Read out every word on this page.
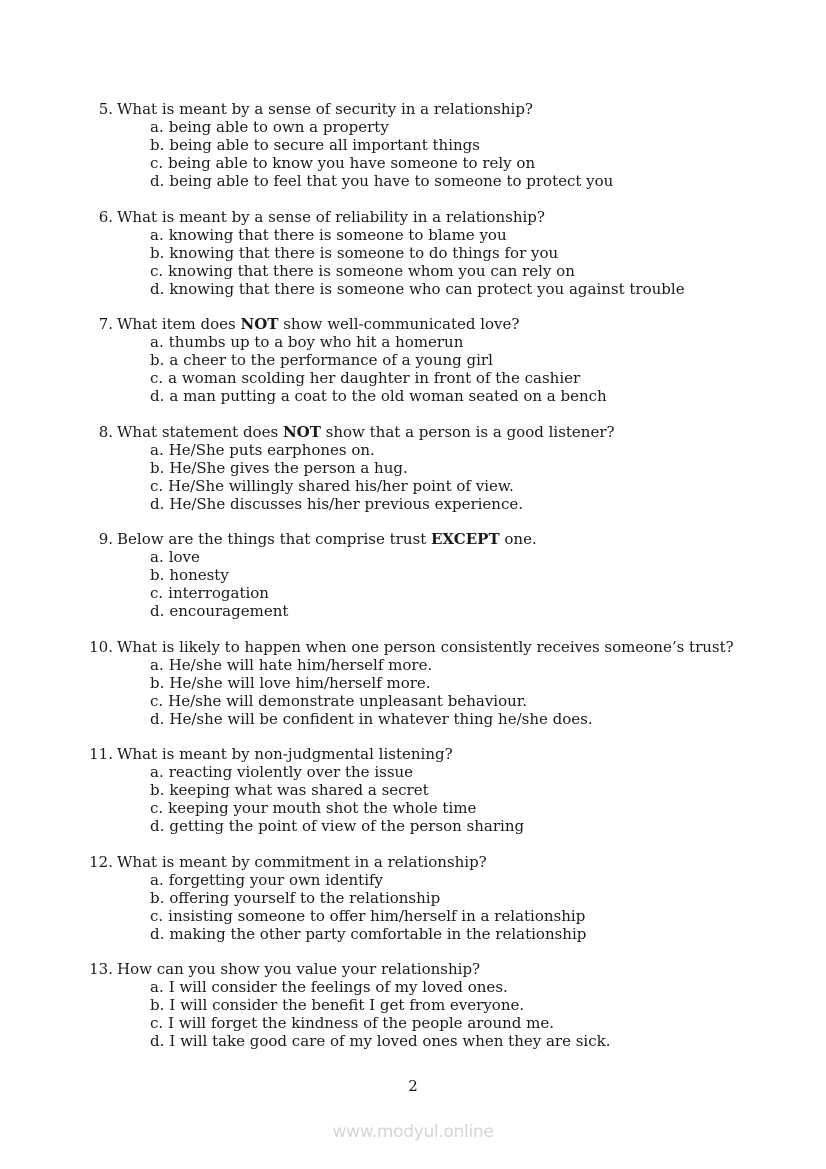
5. What is meant by a sense of security in a relationship?
a. being able to own a property
b. being able to secure all important things
c. being able to know you have someone to rely on
d. being able to feel that you have to someone to protect you
6. What is meant by a sense of reliability in a relationship?
a. knowing that there is someone to blame you
b. knowing that there is someone to do things for you
c. knowing that there is someone whom you can rely on
d. knowing that there is someone who can protect you against trouble
7. What item does NOT show well-communicated love?
a. thumbs up to a boy who hit a homerun
b. a cheer to the performance of a young girl
c. a woman scolding her daughter in front of the cashier
d. a man putting a coat to the old woman seated on a bench
8. What statement does NOT show that a person is a good listener?
a. He/She puts earphones on.
b. He/She gives the person a hug.
c. He/She willingly shared his/her point of view.
d. He/She discusses his/her previous experience.
9. Below are the things that comprise trust EXCEPT one.
a. love
b. honesty
c. interrogation
d. encouragement
10. What is likely to happen when one person consistently receives someone’s trust?
a. He/she will hate him/herself more.
b. He/she will love him/herself more.
c. He/she will demonstrate unpleasant behaviour.
d. He/she will be confident in whatever thing he/she does.
11. What is meant by non-judgmental listening?
a. reacting violently over the issue
b. keeping what was shared a secret
c. keeping your mouth shot the whole time
d. getting the point of view of the person sharing
12. What is meant by commitment in a relationship?
a. forgetting your own identify
b. offering yourself to the relationship
c. insisting someone to offer him/herself in a relationship
d. making the other party comfortable in the relationship
13. How can you show you value your relationship?
a. I will consider the feelings of my loved ones.
b. I will consider the benefit I get from everyone.
c. I will forget the kindness of the people around me.
d. I will take good care of my loved ones when they are sick.
2
www.modyul.online
